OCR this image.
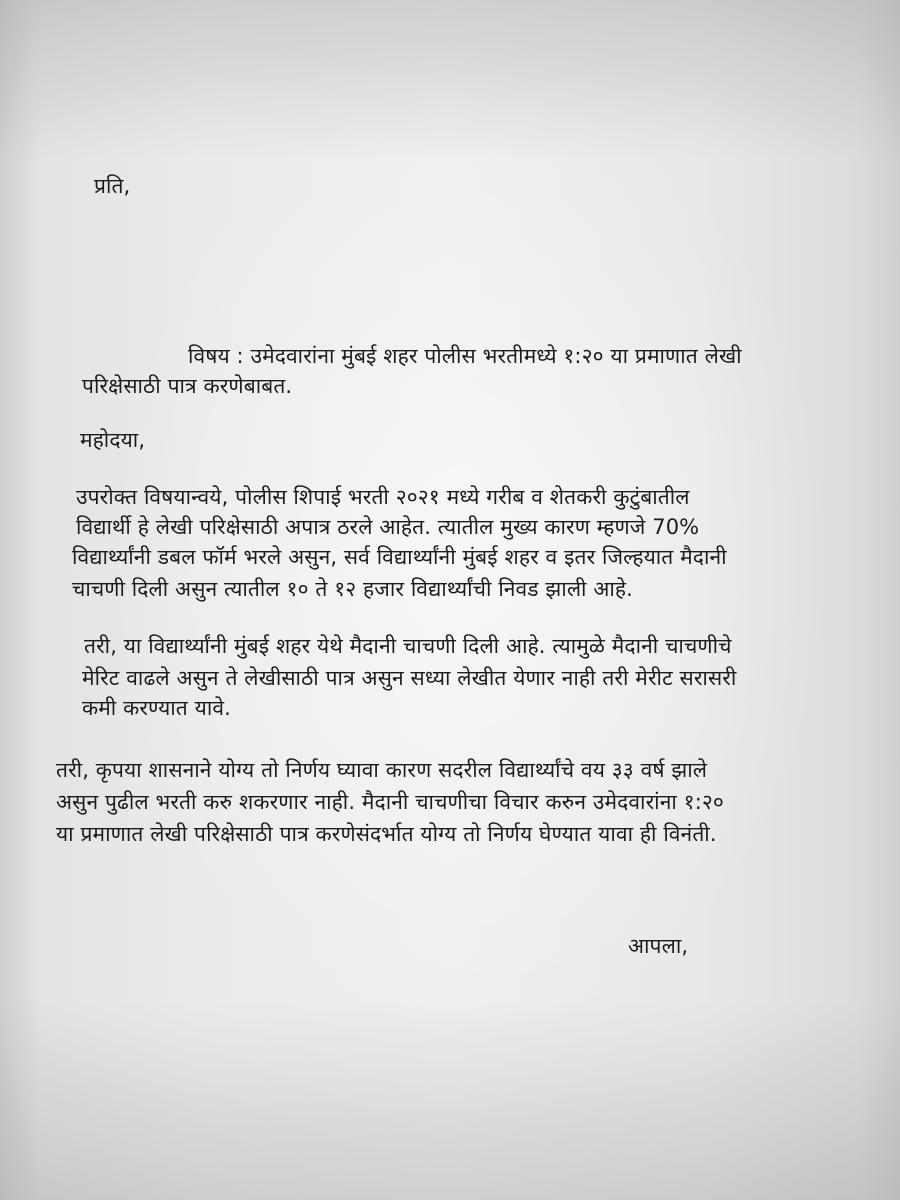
प्रति,
विषय : उमेदवारांना मुंबई शहर पोलीस भरतीमध्ये १:२० या प्रमाणात लेखी
परिक्षेसाठी पात्र करणेबाबत.
महोदया,
उपरोक्त विषयान्वये, पोलीस शिपाई भरती २०२१ मध्ये गरीब व शेतकरी कुटुंबातील
विद्यार्थी हे लेखी परिक्षेसाठी अपात्र ठरले आहेत. त्यातील मुख्य कारण म्हणजे 70%
विद्यार्थ्यांनी डबल फॉर्म भरले असुन, सर्व विद्यार्थ्यांनी मुंबई शहर व इतर जिल्हयात मैदानी
चाचणी दिली असुन त्यातील १० ते १२ हजार विद्यार्थ्यांची निवड झाली आहे.
तरी, या विद्यार्थ्यांनी मुंबई शहर येथे मैदानी चाचणी दिली आहे. त्यामुळे मैदानी चाचणीचे
मेरिट वाढले असुन ते लेखीसाठी पात्र असुन सध्या लेखीत येणार नाही तरी मेरीट सरासरी
कमी करण्यात यावे.
तरी, कृपया शासनाने योग्य तो निर्णय घ्यावा कारण सदरील विद्यार्थ्यांचे वय ३३ वर्ष झाले
असुन पुढील भरती करु शकरणार नाही. मैदानी चाचणीचा विचार करुन उमेदवारांना १:२०
या प्रमाणात लेखी परिक्षेसाठी पात्र करणेसंदर्भात योग्य तो निर्णय घेण्यात यावा ही विनंती.
आपला,
